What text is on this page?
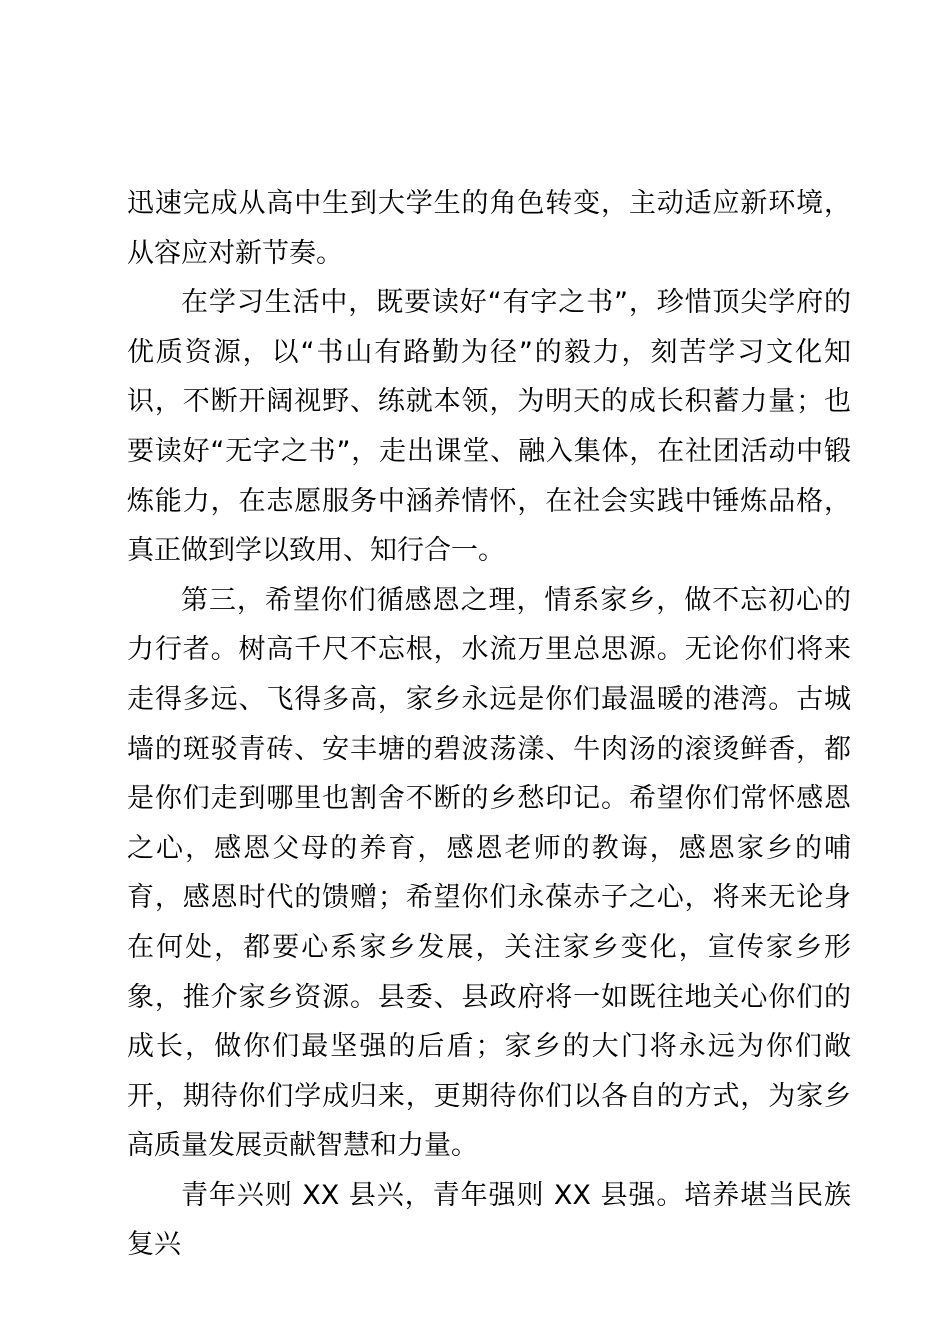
迅速完成从高中生到大学生的角色转变，主动适应新环境，从容应对新节奏。

在学习生活中，既要读好“有字之书”，珍惜顶尖学府的优质资源，以“书山有路勤为径”的毅力，刻苦学习文化知识，不断开阔视野、练就本领，为明天的成长积蓄力量；也要读好“无字之书”，走出课堂、融入集体，在社团活动中锻炼能力，在志愿服务中涵养情怀，在社会实践中锤炼品格，真正做到学以致用、知行合一。

第三，希望你们循感恩之理，情系家乡，做不忘初心的力行者。树高千尺不忘根，水流万里总思源。无论你们将来走得多远、飞得多高，家乡永远是你们最温暖的港湾。古城墙的斑驳青砖、安丰塘的碧波荡漾、牛肉汤的滚烫鲜香，都是你们走到哪里也割舍不断的乡愁印记。希望你们常怀感恩之心，感恩父母的养育，感恩老师的教诲，感恩家乡的哺育，感恩时代的馈赠；希望你们永葆赤子之心，将来无论身在何处，都要心系家乡发展，关注家乡变化，宣传家乡形象，推介家乡资源。县委、县政府将一如既往地关心你们的成长，做你们最坚强的后盾；家乡的大门将永远为你们敞开，期待你们学成归来，更期待你们以各自的方式，为家乡高质量发展贡献智慧和力量。

青年兴则 XX 县兴，青年强则 XX 县强。培养堪当民族复兴
